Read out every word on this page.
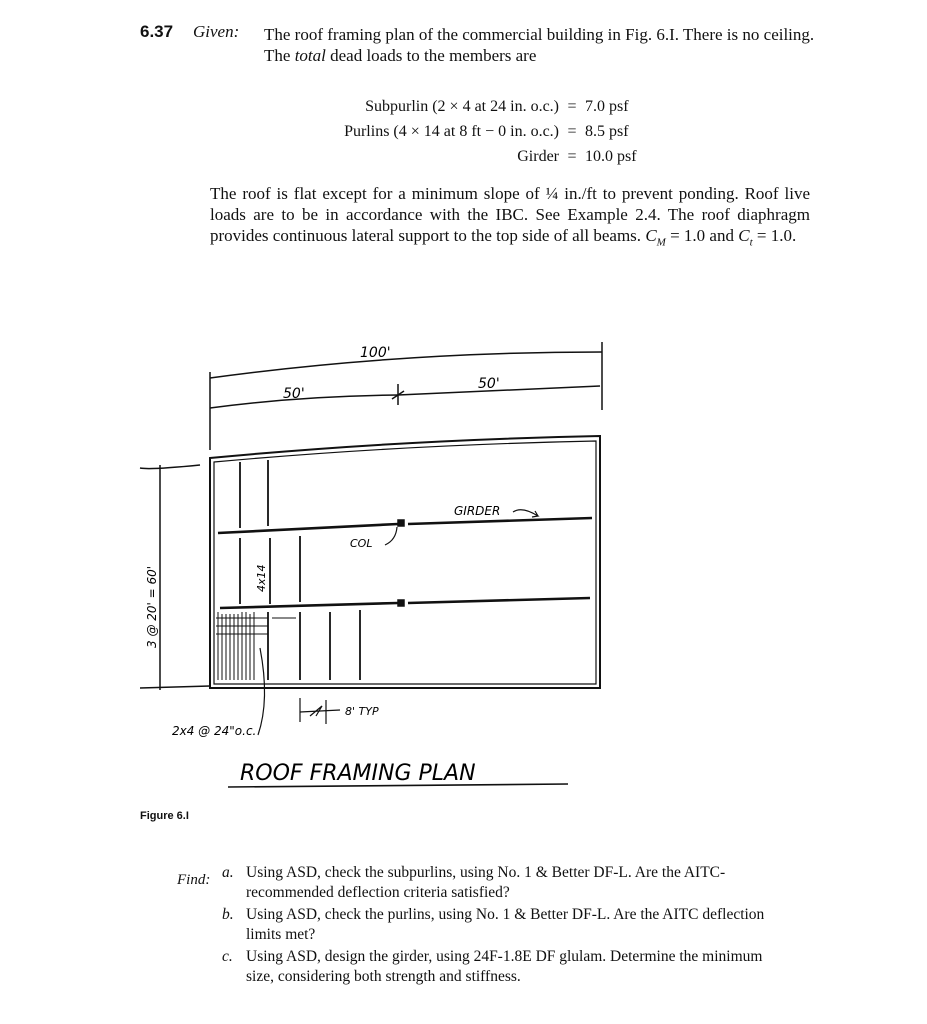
6.37 Given: The roof framing plan of the commercial building in Fig. 6.I. There is no ceiling. The total dead loads to the members are
Subpurlin (2 × 4 at 24 in. o.c.) = 7.0 psf
Purlins (4 × 14 at 8 ft − 0 in. o.c.) = 8.5 psf
Girder = 10.0 psf
The roof is flat except for a minimum slope of ¼ in./ft to prevent ponding. Roof live loads are to be in accordance with the IBC. See Example 2.4. The roof diaphragm provides continuous lateral support to the top side of all beams. $C_M = 1.0$ and $C_t = 1.0$.
100'
50'
50'
3 @ 20' = 60'
GIRDER
COL
4x14
2x4 @ 24"o.c.
8' TYP
ROOF FRAMING PLAN
Figure 6.I
Find: a. Using ASD, check the subpurlins, using No. 1 & Better DF-L. Are the AITC-recommended deflection criteria satisfied?
b. Using ASD, check the purlins, using No. 1 & Better DF-L. Are the AITC deflection limits met?
c. Using ASD, design the girder, using 24F-1.8E DF glulam. Determine the minimum size, considering both strength and stiffness.
